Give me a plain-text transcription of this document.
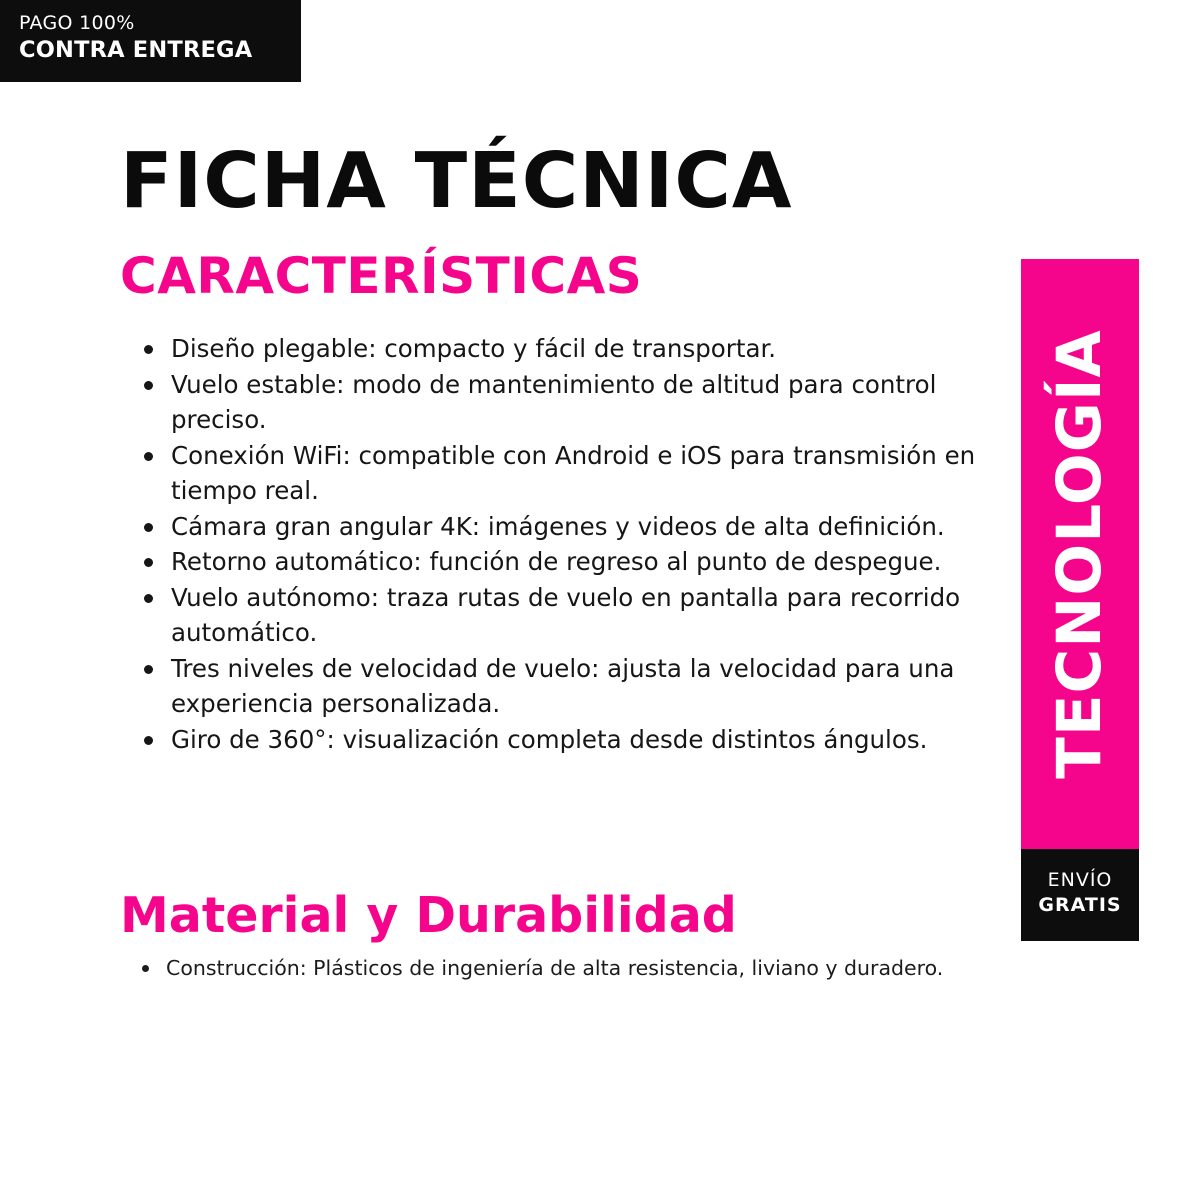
PAGO 100%
CONTRA ENTREGA
FICHA TÉCNICA
CARACTERÍSTICAS
Diseño plegable: compacto y fácil de transportar.
Vuelo estable: modo de mantenimiento de altitud para control preciso.
Conexión WiFi: compatible con Android e iOS para transmisión en tiempo real.
Cámara gran angular 4K: imágenes y videos de alta definición.
Retorno automático: función de regreso al punto de despegue.
Vuelo autónomo: traza rutas de vuelo en pantalla para recorrido automático.
Tres niveles de velocidad de vuelo: ajusta la velocidad para una experiencia personalizada.
Giro de 360°: visualización completa desde distintos ángulos.
Material y Durabilidad
Construcción: Plásticos de ingeniería de alta resistencia, liviano y duradero.
TECNOLOGÍA
ENVÍO
GRATIS
